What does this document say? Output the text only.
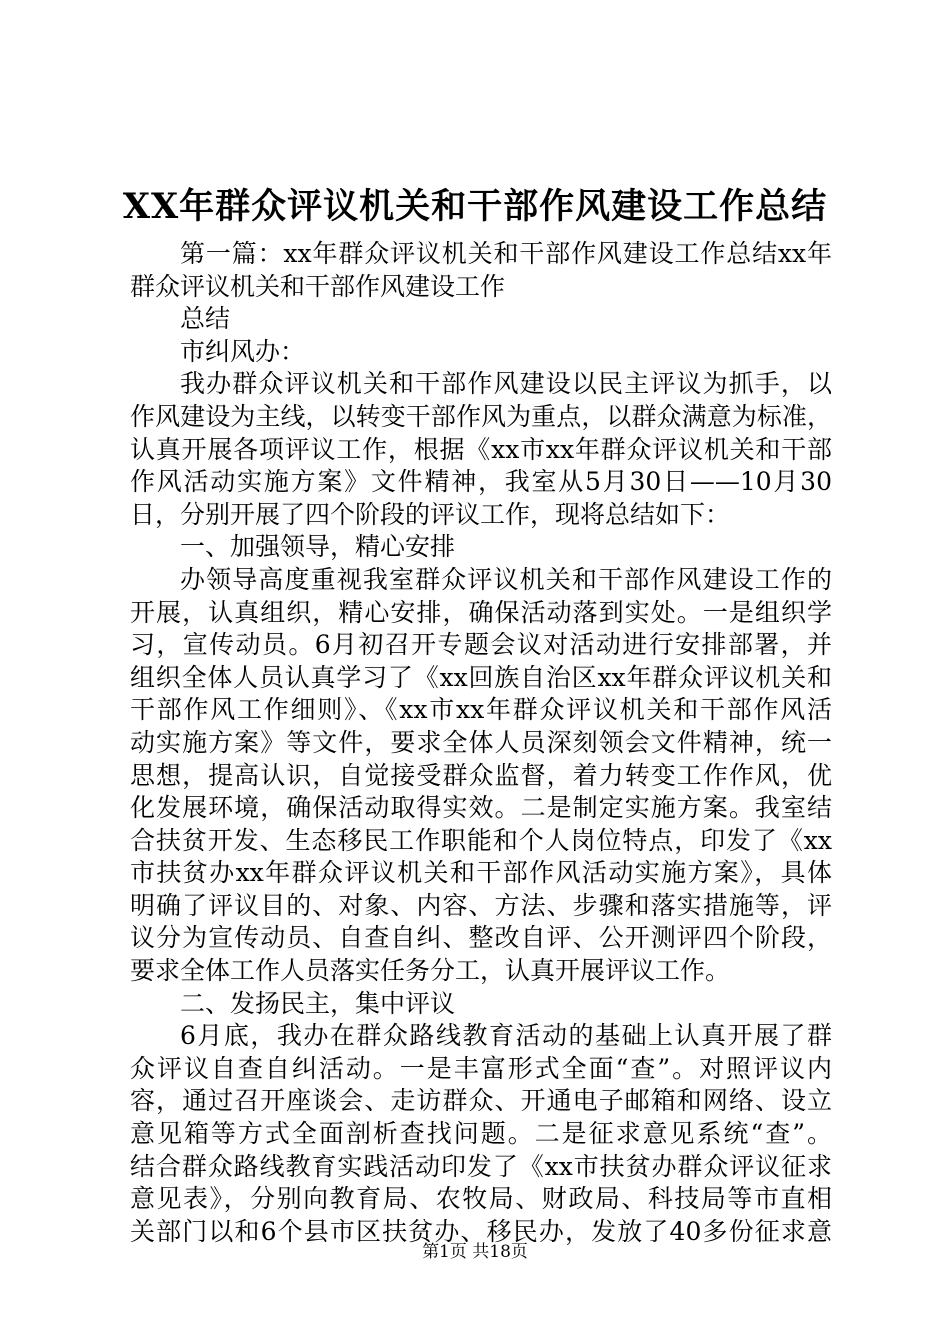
XX年群众评议机关和干部作风建设工作总结
第一篇：xx年群众评议机关和干部作风建设工作总结xx年
群众评议机关和干部作风建设工作
总结
市纠风办：
我办群众评议机关和干部作风建设以民主评议为抓手，以
作风建设为主线，以转变干部作风为重点，以群众满意为标准，
认真开展各项评议工作，根据《xx市xx年群众评议机关和干部
作风活动实施方案》文件精神，我室从5月30日——10月30
日，分别开展了四个阶段的评议工作，现将总结如下：
一、加强领导，精心安排
办领导高度重视我室群众评议机关和干部作风建设工作的
开展，认真组织，精心安排，确保活动落到实处。一是组织学
习，宣传动员。6月初召开专题会议对活动进行安排部署，并
组织全体人员认真学习了《xx回族自治区xx年群众评议机关和
干部作风工作细则》、《xx市xx年群众评议机关和干部作风活
动实施方案》等文件，要求全体人员深刻领会文件精神，统一
思想，提高认识，自觉接受群众监督，着力转变工作作风，优
化发展环境，确保活动取得实效。二是制定实施方案。我室结
合扶贫开发、生态移民工作职能和个人岗位特点，印发了《xx
市扶贫办xx年群众评议机关和干部作风活动实施方案》，具体
明确了评议目的、对象、内容、方法、步骤和落实措施等，评
议分为宣传动员、自查自纠、整改自评、公开测评四个阶段，
要求全体工作人员落实任务分工，认真开展评议工作。
二、发扬民主，集中评议
6月底，我办在群众路线教育活动的基础上认真开展了群
众评议自查自纠活动。一是丰富形式全面“查”。对照评议内
容，通过召开座谈会、走访群众、开通电子邮箱和网络、设立
意见箱等方式全面剖析查找问题。二是征求意见系统“查”。
结合群众路线教育实践活动印发了《xx市扶贫办群众评议征求
意见表》，分别向教育局、农牧局、财政局、科技局等市直相
关部门以和6个县市区扶贫办、移民办，发放了40多份征求意
第1页 共18页
